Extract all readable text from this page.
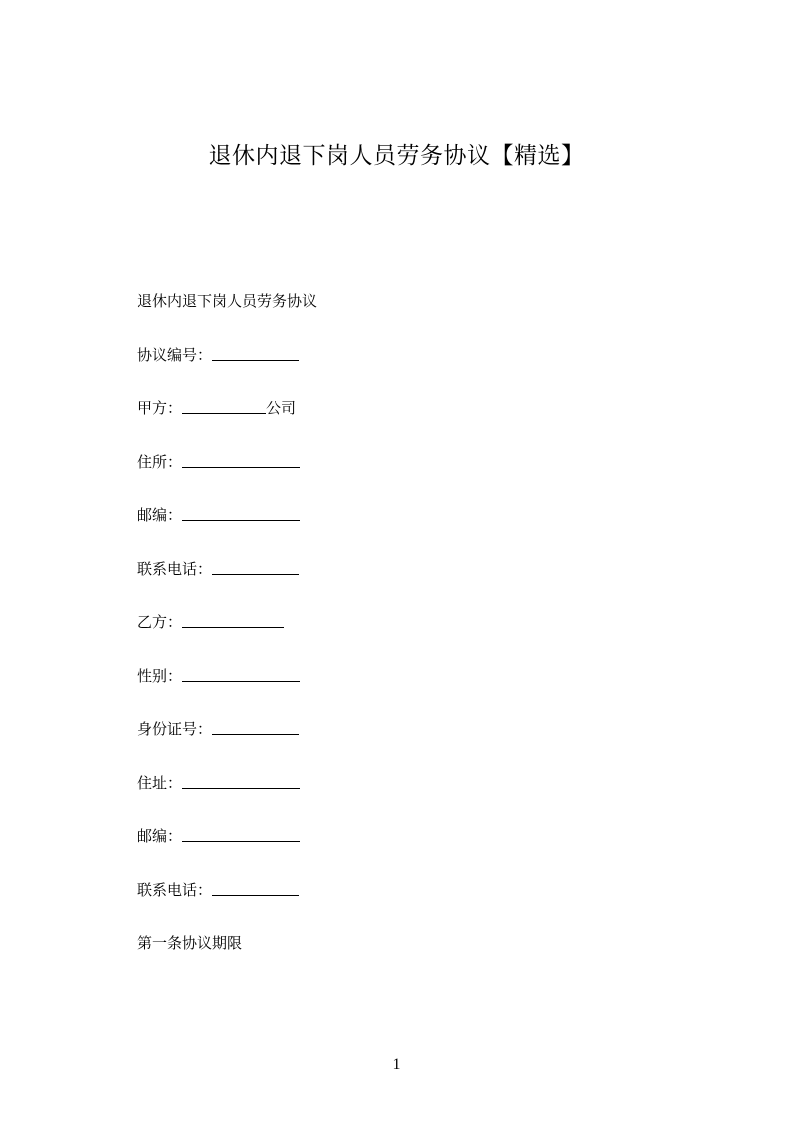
退休内退下岗人员劳务协议【精选】
退休内退下岗人员劳务协议
协议编号：
甲方：	公司
住所：
邮编：
联系电话：
乙方：
性别：
身份证号：
住址：
邮编：
联系电话：
第一条协议期限
1
